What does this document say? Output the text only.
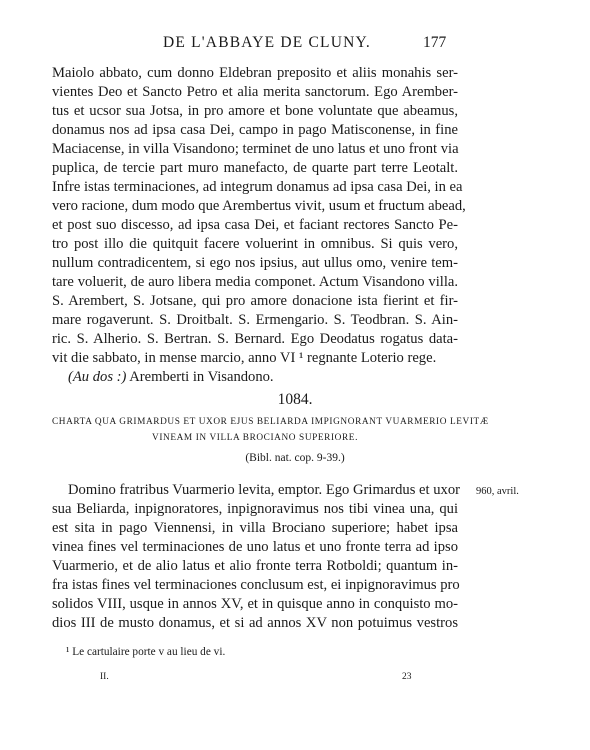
DE L'ABBAYE DE CLUNY.	177
Maiolo abbato, cum donno Eldebran preposito et aliis monahis ser-
vientes Deo et Sancto Petro et alia merita sanctorum. Ego Arember-
tus et ucsor sua Jotsa, in pro amore et bone voluntate que abeamus,
donamus nos ad ipsa casa Dei, campo in pago Matisconense, in fine
Maciacense, in villa Visandono; terminet de uno latus et uno front via
puplica, de tercie part muro manefacto, de quarte part terre Leotalt.
Infre istas terminaciones, ad integrum donamus ad ipsa casa Dei, in ea
vero racione, dum modo que Arembertus vivit, usum et fructum abead,
et post suo discesso, ad ipsa casa Dei, et faciant rectores Sancto Pe-
tro post illo die quitquit facere voluerint in omnibus. Si quis vero,
nullum contradicentem, si ego nos ipsius, aut ullus omo, venire tem-
tare voluerit, de auro libera media componet. Actum Visandono villa.
S. Arembert, S. Jotsane, qui pro amore donacione ista fierint et fir-
mare rogaverunt. S. Droitbalt. S. Ermengario. S. Teodbran. S. Ain-
ric. S. Alherio. S. Bertran. S. Bernard. Ego Deodatus rogatus data-
vit die sabbato, in mense marcio, anno VI ¹ regnante Loterio rege.
(Au dos :) Aremberti in Visandono.
1084.
CHARTA QUA GRIMARDUS ET UXOR EJUS BELIARDA IMPIGNORANT VUARMERIO LEVITÆ
VINEAM IN VILLA BROCIANO SUPERIORE.
(Bibl. nat. cop. 9-39.)
960, avril.
Domino fratribus Vuarmerio levita, emptor. Ego Grimardus et uxor
sua Beliarda, inpignoratores, inpignoravimus nos tibi vinea una, qui
est sita in pago Viennensi, in villa Brociano superiore; habet ipsa
vinea fines vel terminaciones de uno latus et uno fronte terra ad ipso
Vuarmerio, et de alio latus et alio fronte terra Rotboldi; quantum in-
fra istas fines vel terminaciones conclusum est, ei inpignoravimus pro
solidos VIII, usque in annos XV, et in quisque anno in conquisto mo-
dios III de musto donamus, et si ad annos XV non potuimus vestros
¹ Le cartulaire porte v au lieu de vi.
II.	23
